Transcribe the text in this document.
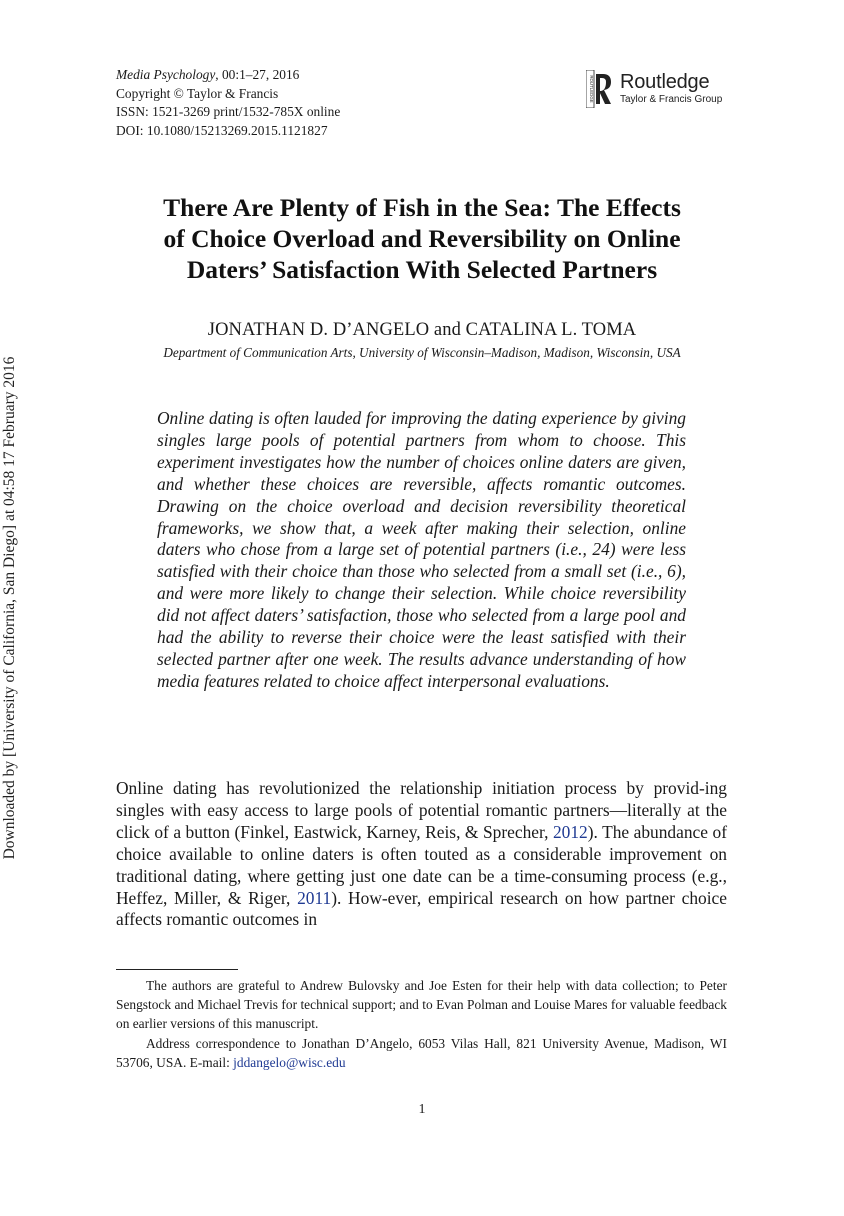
Downloaded by [University of California, San Diego] at 04:58 17 February 2016
Media Psychology, 00:1–27, 2016
Copyright © Taylor & Francis
ISSN: 1521-3269 print/1532-785X online
DOI: 10.1080/15213269.2015.1121827
ROUTLEDGE Routledge
Taylor & Francis Group
There Are Plenty of Fish in the Sea: The Effects
of Choice Overload and Reversibility on Online
Daters’ Satisfaction With Selected Partners
JONATHAN D. D’ANGELO and CATALINA L. TOMA
Department of Communication Arts, University of Wisconsin–Madison, Madison, Wisconsin, USA
Online dating is often lauded for improving the dating experience by giving singles large pools of potential partners from whom to choose. This experiment investigates how the number of choices online daters are given, and whether these choices are reversible, affects romantic outcomes. Drawing on the choice overload and decision reversibility theoretical frameworks, we show that, a week after making their selection, online daters who chose from a large set of potential partners (i.e., 24) were less satisfied with their choice than those who selected from a small set (i.e., 6), and were more likely to change their selection. While choice reversibility did not affect daters’ satisfaction, those who selected from a large pool and had the ability to reverse their choice were the least satisfied with their selected partner after one week. The results advance understanding of how media features related to choice affect interpersonal evaluations.
Online dating has revolutionized the relationship initiation process by provid-ing singles with easy access to large pools of potential romantic partners—literally at the click of a button (Finkel, Eastwick, Karney, Reis, & Sprecher, 2012). The abundance of choice available to online daters is often touted as a considerable improvement on traditional dating, where getting just one date can be a time-consuming process (e.g., Heffez, Miller, & Riger, 2011). How-ever, empirical research on how partner choice affects romantic outcomes in

The authors are grateful to Andrew Bulovsky and Joe Esten for their help with data collection; to Peter Sengstock and Michael Trevis for technical support; and to Evan Polman and Louise Mares for valuable feedback on earlier versions of this manuscript.

Address correspondence to Jonathan D’Angelo, 6053 Vilas Hall, 821 University Avenue, Madison, WI 53706, USA. E-mail: jddangelo@wisc.edu

1
